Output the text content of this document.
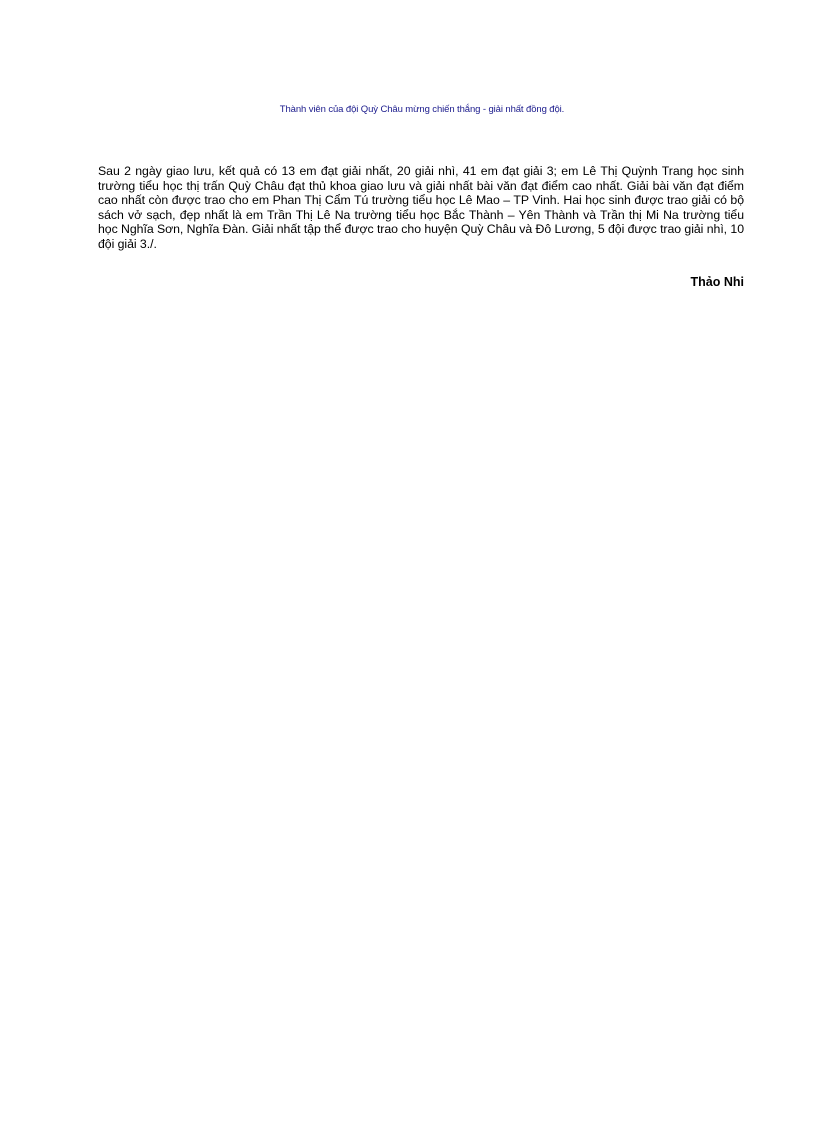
Thành viên của đội Quỳ Châu mừng chiến thắng - giải nhất đồng đội.

Sau 2 ngày giao lưu, kết quả có 13 em đạt giải nhất, 20 giải nhì, 41 em đạt giải 3; em Lê Thị Quỳnh Trang học sinh trường tiểu học thị trấn Quỳ Châu đạt thủ khoa giao lưu và giải nhất bài văn đạt điểm cao nhất. Giải bài văn đạt điểm cao nhất còn được trao cho em Phan Thị Cẩm Tú trường tiểu học Lê Mao – TP Vinh. Hai học sinh được trao giải có bộ sách vở sạch, đẹp nhất là em Trần Thị Lê Na trường tiểu học Bắc Thành – Yên Thành và Trần thị Mi Na trường tiểu học Nghĩa Sơn, Nghĩa Đàn. Giải nhất tập thể được trao cho huyện Quỳ Châu và Đô Lương, 5 đội được trao giải nhì, 10 đội giải 3./.

Thảo Nhi
